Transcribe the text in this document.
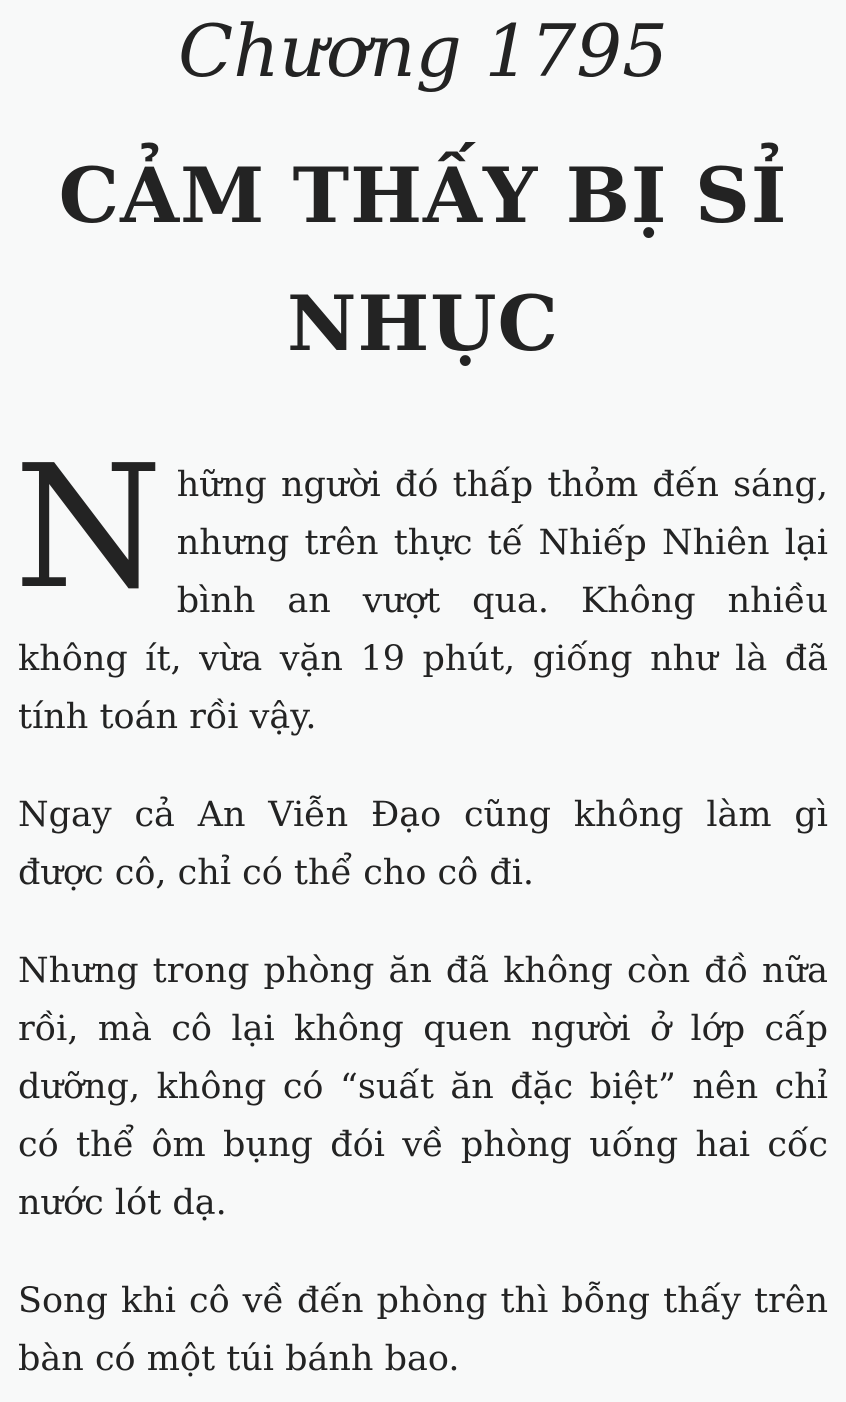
Chương 1795
CẢM THẤY BỊ SỈ NHỤC

Những người đó thấp thỏm đến sáng, nhưng trên thực tế Nhiếp Nhiên lại bình an vượt qua. Không nhiều không ít, vừa vặn 19 phút, giống như là đã tính toán rồi vậy.

Ngay cả An Viễn Đạo cũng không làm gì được cô, chỉ có thể cho cô đi.

Nhưng trong phòng ăn đã không còn đồ nữa rồi, mà cô lại không quen người ở lớp cấp dưỡng, không có “suất ăn đặc biệt” nên chỉ có thể ôm bụng đói về phòng uống hai cốc nước lót dạ.

Song khi cô về đến phòng thì bỗng thấy trên bàn có một túi bánh bao.
